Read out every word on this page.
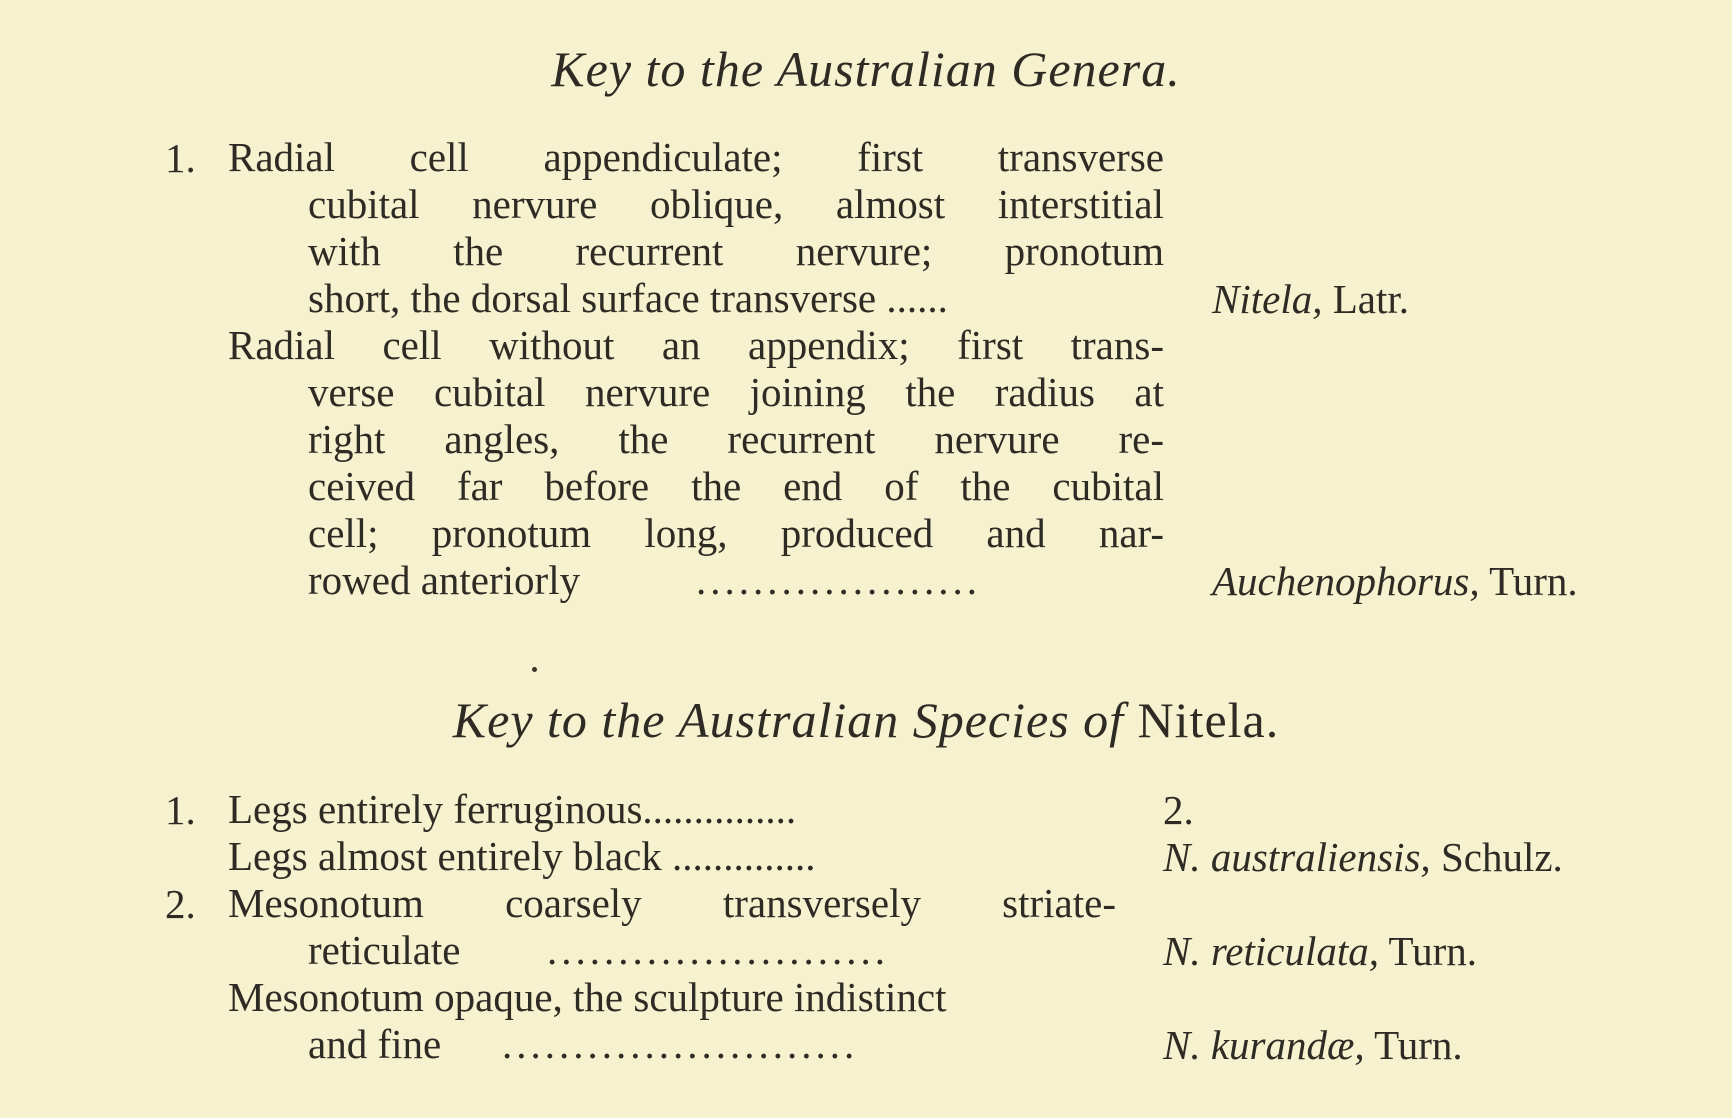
Key to the Australian Genera.
1. Radial cell appendiculate; first transverse
cubital nervure oblique, almost interstitial
with the recurrent nervure; pronotum
short, the dorsal surface transverse ......	Nitela, Latr.
Radial cell without an appendix; first trans-
verse cubital nervure joining the radius at
right angles, the recurrent nervure re-
ceived far before the end of the cubital
cell; pronotum long, produced and nar-
rowed anteriorly	....................	Auchenophorus, Turn.
Key to the Australian Species of Nitela.
1. Legs entirely ferruginous...............	2.
Legs almost entirely black ..............	N. australiensis, Schulz.
2. Mesonotum coarsely transversely striate-
reticulate ........................	N. reticulata, Turn.
Mesonotum opaque, the sculpture indistinct
and fine .........................	N. kurandæ, Turn.
